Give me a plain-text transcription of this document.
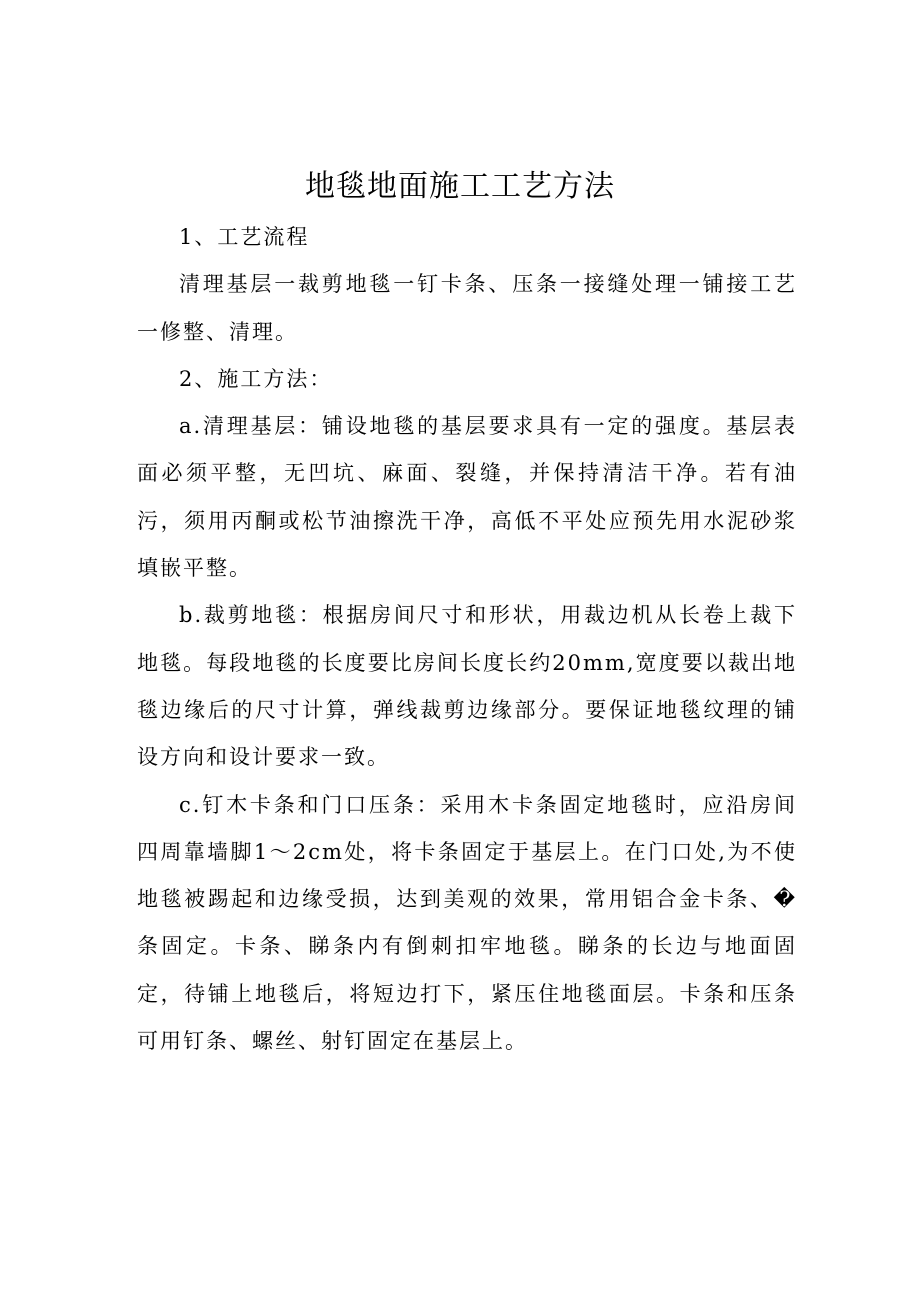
地毯地面施工工艺方法

1、工艺流程

清理基层一裁剪地毯一钉卡条、压条一接缝处理一铺接工艺一修整、清理。

2、施工方法：

a.清理基层：铺设地毯的基层要求具有一定的强度。基层表面必须平整，无凹坑、麻面、裂缝，并保持清洁干净。若有油污，须用丙酮或松节油擦洗干净，高低不平处应预先用水泥砂浆填嵌平整。

b.裁剪地毯：根据房间尺寸和形状，用裁边机从长卷上裁下地毯。每段地毯的长度要比房间长度长约20mm,宽度要以裁出地毯边缘后的尺寸计算，弹线裁剪边缘部分。要保证地毯纹理的铺设方向和设计要求一致。

c.钉木卡条和门口压条：采用木卡条固定地毯时，应沿房间四周靠墙脚1～2cm处，将卡条固定于基层上。在门口处,为不使地毯被踢起和边缘受损，达到美观的效果，常用铝合金卡条、�条固定。卡条、睇条内有倒刺扣牢地毯。睇条的长边与地面固定，待铺上地毯后，将短边打下，紧压住地毯面层。卡条和压条可用钉条、螺丝、射钉固定在基层上。
